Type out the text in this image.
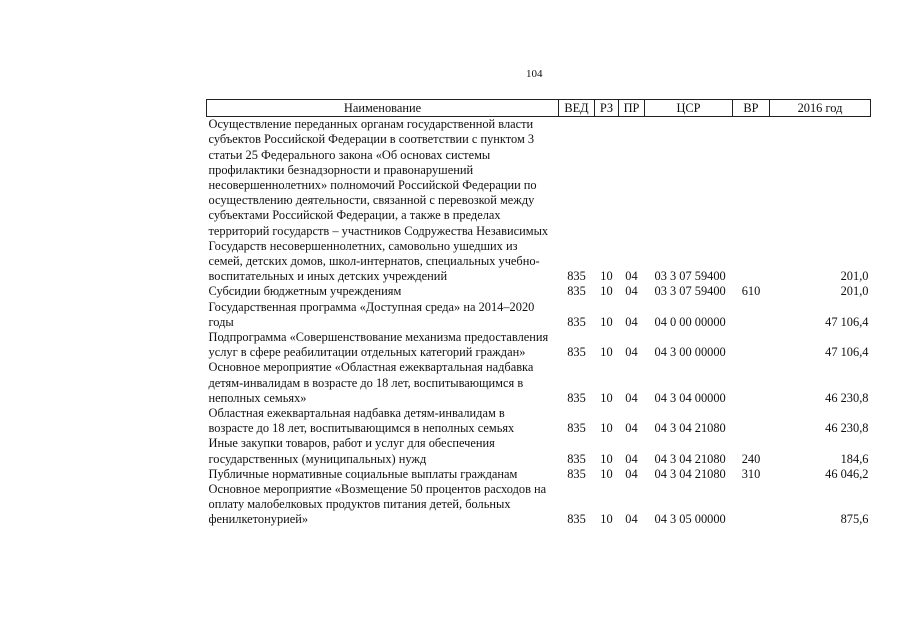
104
Наименование	ВЕД	РЗ	ПР	ЦСР	ВР	2016 год
Осуществление переданных органам государственной власти субъектов Российской Федерации в соответствии с пунктом 3 статьи 25 Федерального закона «Об основах системы профилактики безнадзорности и правонарушений несовершеннолетних» полномочий Российской Федерации по осуществлению деятельности, связанной с перевозкой между субъектами Российской Федерации, а также в пределах территорий государств – участников Содружества Независимых Государств несовершеннолетних, самовольно ушедших из семей, детских домов, школ-интернатов, специальных учебно-воспитательных и иных детских учреждений	835	10	04	03 3 07 59400		201,0
Субсидии бюджетным учреждениям	835	10	04	03 3 07 59400	610	201,0
Государственная программа «Доступная среда» на 2014–2020 годы	835	10	04	04 0 00 00000		47 106,4
Подпрограмма «Совершенствование механизма предоставления услуг в сфере реабилитации отдельных категорий граждан»	835	10	04	04 3 00 00000		47 106,4
Основное мероприятие «Областная ежеквартальная надбавка детям-инвалидам в возрасте до 18 лет, воспитывающимся в неполных семьях»	835	10	04	04 3 04 00000		46 230,8
Областная ежеквартальная надбавка детям-инвалидам в возрасте до 18 лет, воспитывающимся в неполных семьях	835	10	04	04 3 04 21080		46 230,8
Иные закупки товаров, работ и услуг для обеспечения государственных (муниципальных) нужд	835	10	04	04 3 04 21080	240	184,6
Публичные нормативные социальные выплаты гражданам	835	10	04	04 3 04 21080	310	46 046,2
Основное мероприятие «Возмещение 50 процентов расходов на оплату малобелковых продуктов питания детей, больных фенилкетонурией»	835	10	04	04 3 05 00000		875,6
